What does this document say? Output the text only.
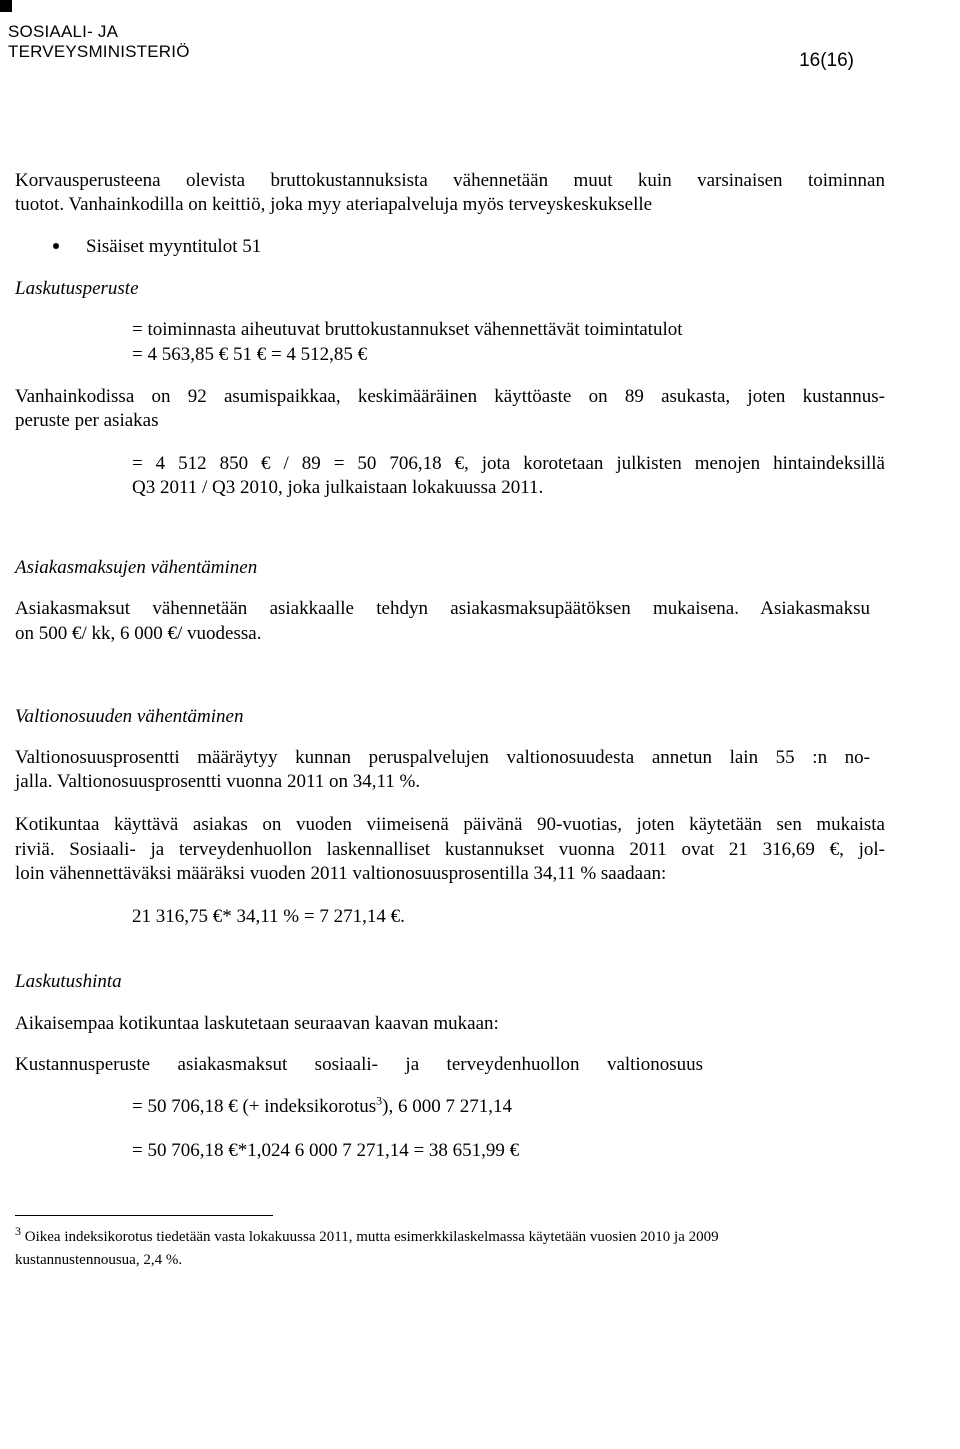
SOSIAALI- JA
TERVEYSMINISTERIÖ	16(16)
Korvausperusteena olevista bruttokustannuksista vähennetään muut kuin varsinaisen toiminnan
tuotot. Vanhainkodilla on keittiö, joka myy ateriapalveluja myös terveyskeskukselle
Sisäiset myyntitulot 51
Laskutusperuste
= toiminnasta aiheutuvat bruttokustannukset vähennettävät toimintatulot
= 4 563,85 € 51 € = 4 512,85 €
Vanhainkodissa on 92 asumispaikkaa, keskimääräinen käyttöaste on 89 asukasta, joten kustannus-
peruste per asiakas
= 4 512 850 € / 89 = 50 706,18 €, jota korotetaan julkisten menojen hintaindeksillä
Q3 2011 / Q3 2010, joka julkaistaan lokakuussa 2011.
Asiakasmaksujen vähentäminen
Asiakasmaksut vähennetään asiakkaalle tehdyn asiakasmaksupäätöksen mukaisena. Asiakasmaksu
on 500 €/ kk, 6 000 €/ vuodessa.
Valtionosuuden vähentäminen
Valtionosuusprosentti määräytyy kunnan peruspalvelujen valtionosuudesta annetun lain 55 :n no-
jalla. Valtionosuusprosentti vuonna 2011 on 34,11 %.
Kotikuntaa käyttävä asiakas on vuoden viimeisenä päivänä 90-vuotias, joten käytetään sen mukaista
riviä. Sosiaali- ja terveydenhuollon laskennalliset kustannukset vuonna 2011 ovat 21 316,69 €, jol-
loin vähennettäväksi määräksi vuoden 2011 valtionosuusprosentilla 34,11 % saadaan:
21 316,75 €* 34,11 % = 7 271,14 €.
Laskutushinta
Aikaisempaa kotikuntaa laskutetaan seuraavan kaavan mukaan:
Kustannusperuste asiakasmaksut sosiaali- ja terveydenhuollon valtionosuus
= 50 706,18 € (+ indeksikorotus$^3$), 6 000 7 271,14
= 50 706,18 €*1,024 6 000 7 271,14 = 38 651,99 €
$^3$ Oikea indeksikorotus tiedetään vasta lokakuussa 2011, mutta esimerkkilaskelmassa käytetään vuosien 2010 ja 2009
kustannustennousua, 2,4 %.
